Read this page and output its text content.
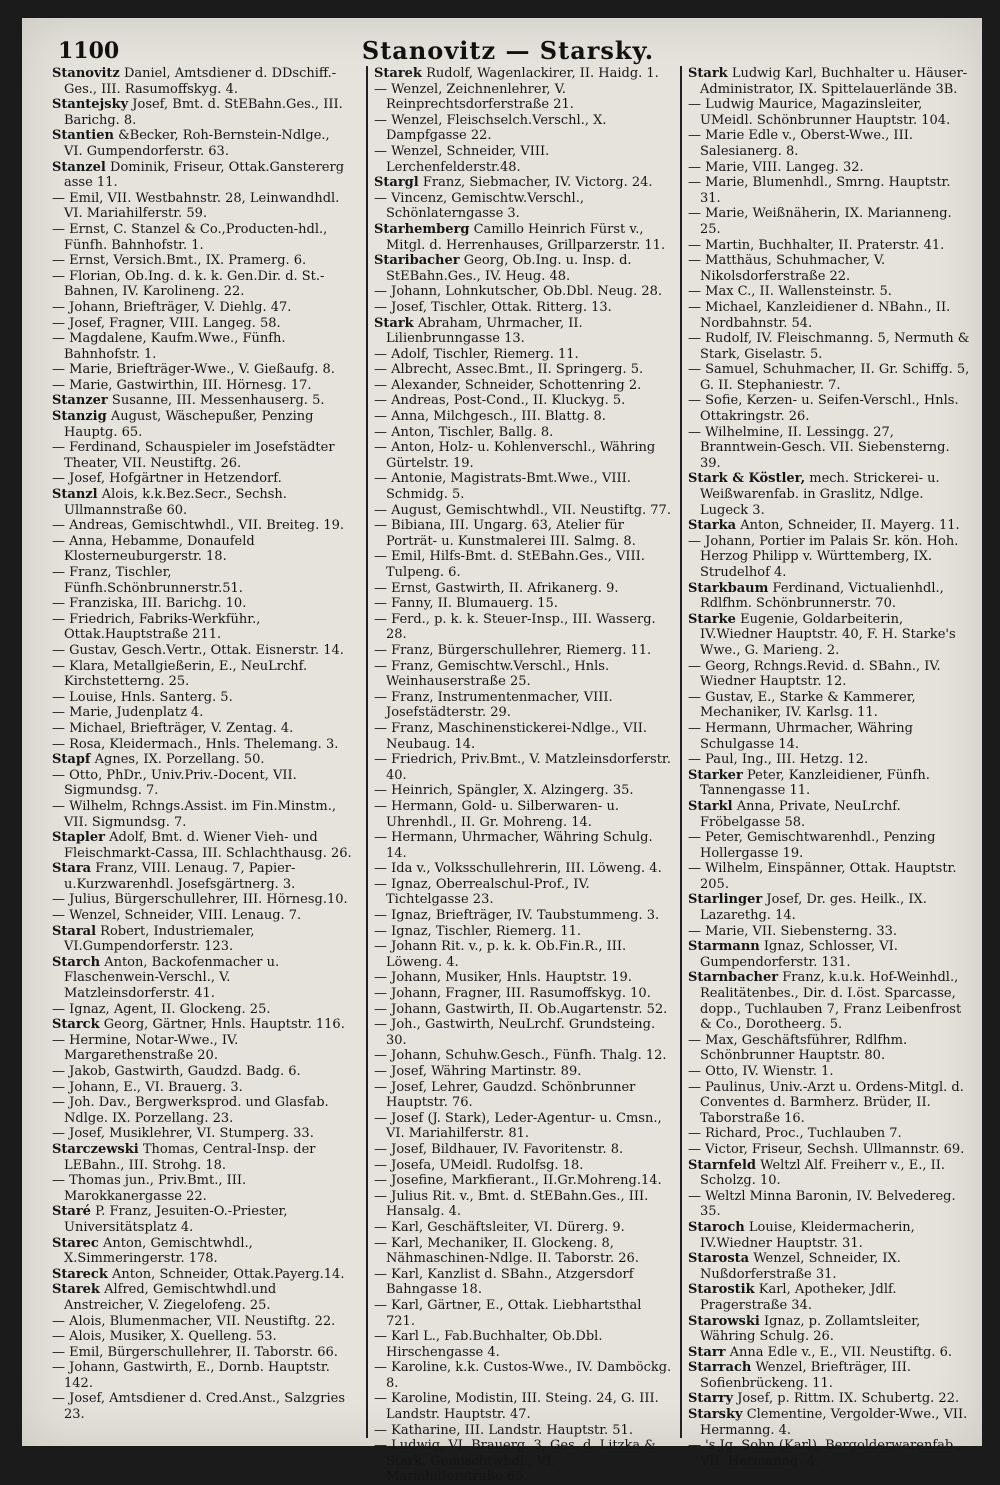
1100	Stanovitz — Starsky.
Stanovitz Daniel, Amtsdiener d. DDschiff.-Ges., III. Rasumoffskyg. 4.
Stantejsky Josef, Bmt. d. StEBahn.Ges., III. Barichg. 8.
Stantien &Becker, Roh-Bernstein-Ndlge., VI. Gumpendorferstr. 63.
Stanzel Dominik, Friseur, Ottak.Ganstererg asse 11.
— Emil, VII. Westbahnstr. 28, Leinwandhdl. VI. Mariahilferstr. 59.
— Ernst, C. Stanzel & Co.,Producten-hdl., Fünfh. Bahnhofstr. 1.
— Ernst, Versich.Bmt., IX. Pramerg. 6.
— Florian, Ob.Ing. d. k. k. Gen.Dir. d. St.-Bahnen, IV. Karolineng. 22.
— Johann, Briefträger, V. Diehlg. 47.
— Josef, Fragner, VIII. Langeg. 58.
— Magdalene, Kaufm.Wwe., Fünfh. Bahnhofstr. 1.
— Marie, Briefträger-Wwe., V. Gießaufg. 8.
— Marie, Gastwirthin, III. Hörnesg. 17.
Stanzer Susanne, III. Messenhauserg. 5.
Stanzig August, Wäschepußer, Penzing Hauptg. 65.
— Ferdinand, Schauspieler im Josefstädter Theater, VII. Neustiftg. 26.
— Josef, Hofgärtner in Hetzendorf.
Stanzl Alois, k.k.Bez.Secr., Sechsh. Ullmannstraße 60.
— Andreas, Gemischtwhdl., VII. Breiteg. 19.
— Anna, Hebamme, Donaufeld Klosterneuburgerstr. 18.
— Franz, Tischler, Fünfh.Schönbrunnerstr.51.
— Franziska, III. Barichg. 10.
— Friedrich, Fabriks-Werkführ., Ottak.Hauptstraße 211.
— Gustav, Gesch.Vertr., Ottak. Eisnerstr. 14.
— Klara, Metallgießerin, E., NeuLrchf. Kirchstetterng. 25.
— Louise, Hnls. Santerg. 5.
— Marie, Judenplatz 4.
— Michael, Briefträger, V. Zentag. 4.
— Rosa, Kleidermach., Hnls. Thelemang. 3.
Stapf Agnes, IX. Porzellang. 50.
— Otto, PhDr., Univ.Priv.-Docent, VII. Sigmundsg. 7.
— Wilhelm, Rchngs.Assist. im Fin.Minstm., VII. Sigmundsg. 7.
Stapler Adolf, Bmt. d. Wiener Vieh- und Fleischmarkt-Cassa, III. Schlachthausg. 26.
Stara Franz, VIII. Lenaug. 7, Papier-u.Kurzwarenhdl. Josefsgärtnerg. 3.
— Julius, Bürgerschullehrer, III. Hörnesg.10.
— Wenzel, Schneider, VIII. Lenaug. 7.
Staral Robert, Industriemaler, VI.Gumpendorferstr. 123.
Starch Anton, Backofenmacher u. Flaschenwein-Verschl., V. Matzleinsdorferstr. 41.
— Ignaz, Agent, II. Glockeng. 25.
Starck Georg, Gärtner, Hnls. Hauptstr. 116.
— Hermine, Notar-Wwe., IV. Margarethenstraße 20.
— Jakob, Gastwirth, Gaudzd. Badg. 6.
— Johann, E., VI. Brauerg. 3.
— Joh. Dav., Bergwerksprod. und Glasfab. Ndlge. IX. Porzellang. 23.
— Josef, Musiklehrer, VI. Stumperg. 33.
Starczewski Thomas, Central-Insp. der LEBahn., III. Strohg. 18.
— Thomas jun., Priv.Bmt., III. Marokkanergasse 22.
Staré P. Franz, Jesuiten-O.-Priester, Universitätsplatz 4.
Starec Anton, Gemischtwhdl., X.Simmeringerstr. 178.
Stareck Anton, Schneider, Ottak.Payerg.14.
Starek Alfred, Gemischtwhdl.und Anstreicher, V. Ziegelofeng. 25.
— Alois, Blumenmacher, VII. Neustiftg. 22.
— Alois, Musiker, X. Quelleng. 53.
— Emil, Bürgerschullehrer, II. Taborstr. 66.
— Johann, Gastwirth, E., Dornb. Hauptstr. 142.
— Josef, Amtsdiener d. Cred.Anst., Salzgries 23.
Starek Rudolf, Wagenlackirer, II. Haidg. 1.
— Wenzel, Zeichnenlehrer, V. Reinprechtsdorferstraße 21.
— Wenzel, Fleischselch.Verschl., X. Dampfgasse 22.
— Wenzel, Schneider, VIII. Lerchenfelderstr.48.
Stargl Franz, Siebmacher, IV. Victorg. 24.
— Vincenz, Gemischtw.Verschl., Schönlaterngasse 3.
Starhemberg Camillo Heinrich Fürst v., Mitgl. d. Herrenhauses, Grillparzerstr. 11.
Staribacher Georg, Ob.Ing. u. Insp. d. StEBahn.Ges., IV. Heug. 48.
— Johann, Lohnkutscher, Ob.Dbl. Neug. 28.
— Josef, Tischler, Ottak. Ritterg. 13.
Stark Abraham, Uhrmacher, II. Lilienbrunngasse 13.
— Adolf, Tischler, Riemerg. 11.
— Albrecht, Assec.Bmt., II. Springerg. 5.
— Alexander, Schneider, Schottenring 2.
— Andreas, Post-Cond., II. Kluckyg. 5.
— Anna, Milchgesch., III. Blattg. 8.
— Anton, Tischler, Ballg. 8.
— Anton, Holz- u. Kohlenverschl., Währing Gürtelstr. 19.
— Antonie, Magistrats-Bmt.Wwe., VIII. Schmidg. 5.
— August, Gemischtwhdl., VII. Neustiftg. 77.
— Bibiana, III. Ungarg. 63, Atelier für Porträt- u. Kunstmalerei III. Salmg. 8.
— Emil, Hilfs-Bmt. d. StEBahn.Ges., VIII. Tulpeng. 6.
— Ernst, Gastwirth, II. Afrikanerg. 9.
— Fanny, II. Blumauerg. 15.
— Ferd., p. k. k. Steuer-Insp., III. Wasserg. 28.
— Franz, Bürgerschullehrer, Riemerg. 11.
— Franz, Gemischtw.Verschl., Hnls. Weinhauserstraße 25.
— Franz, Instrumentenmacher, VIII. Josefstädterstr. 29.
— Franz, Maschinenstickerei-Ndlge., VII. Neubaug. 14.
— Friedrich, Priv.Bmt., V. Matzleinsdorferstr. 40.
— Heinrich, Spängler, X. Alzingerg. 35.
— Hermann, Gold- u. Silberwaren- u. Uhrenhdl., II. Gr. Mohreng. 14.
— Hermann, Uhrmacher, Währing Schulg. 14.
— Ida v., Volksschullehrerin, III. Löweng. 4.
— Ignaz, Oberrealschul-Prof., IV. Tichtelgasse 23.
— Ignaz, Briefträger, IV. Taubstummeng. 3.
— Ignaz, Tischler, Riemerg. 11.
— Johann Rit. v., p. k. k. Ob.Fin.R., III. Löweng. 4.
— Johann, Musiker, Hnls. Hauptstr. 19.
— Johann, Fragner, III. Rasumoffskyg. 10.
— Johann, Gastwirth, II. Ob.Augartenstr. 52.
— Joh., Gastwirth, NeuLrchf. Grundsteing. 30.
— Johann, Schuhw.Gesch., Fünfh. Thalg. 12.
— Josef, Währing Martinstr. 89.
— Josef, Lehrer, Gaudzd. Schönbrunner Hauptstr. 76.
— Josef (J. Stark), Leder-Agentur- u. Cmsn., VI. Mariahilferstr. 81.
— Josef, Bildhauer, IV. Favoritenstr. 8.
— Josefa, UMeidl. Rudolfsg. 18.
— Josefine, Markfierant., II.Gr.Mohreng.14.
— Julius Rit. v., Bmt. d. StEBahn.Ges., III. Hansalg. 4.
— Karl, Geschäftsleiter, VI. Dürerg. 9.
— Karl, Mechaniker, II. Glockeng. 8, Nähmaschinen-Ndlge. II. Taborstr. 26.
— Karl, Kanzlist d. SBahn., Atzgersdorf Bahngasse 18.
— Karl, Gärtner, E., Ottak. Liebhartsthal 721.
— Karl L., Fab.Buchhalter, Ob.Dbl. Hirschengasse 4.
— Karoline, k.k. Custos-Wwe., IV. Damböckg. 8.
— Karoline, Modistin, III. Steing. 24, G. III. Landstr. Hauptstr. 47.
— Katharine, III. Landstr. Hauptstr. 51.
— Ludwig, VI. Brauerg. 3, Ges. d. Litzka & Stark, Gemischtwhdl., VI. Mariahilferstraße 65.
Stark Ludwig Karl, Buchhalter u. Häuser-Administrator, IX. Spittelauerlände 3B.
— Ludwig Maurice, Magazinsleiter, UMeidl. Schönbrunner Hauptstr. 104.
— Marie Edle v., Oberst-Wwe., III. Salesianerg. 8.
— Marie, VIII. Langeg. 32.
— Marie, Blumenhdl., Smrng. Hauptstr. 31.
— Marie, Weißnäherin, IX. Marianneng. 25.
— Martin, Buchhalter, II. Praterstr. 41.
— Matthäus, Schuhmacher, V. Nikolsdorferstraße 22.
— Max C., II. Wallensteinstr. 5.
— Michael, Kanzleidiener d. NBahn., II. Nordbahnstr. 54.
— Rudolf, IV. Fleischmanng. 5, Nermuth & Stark, Giselastr. 5.
— Samuel, Schuhmacher, II. Gr. Schiffg. 5, G. II. Stephaniestr. 7.
— Sofie, Kerzen- u. Seifen-Verschl., Hnls. Ottakringstr. 26.
— Wilhelmine, II. Lessingg. 27, Branntwein-Gesch. VII. Siebensterng. 39.
Stark & Köstler, mech. Strickerei- u. Weißwarenfab. in Graslitz, Ndlge. Lugeck 3.
Starka Anton, Schneider, II. Mayerg. 11.
— Johann, Portier im Palais Sr. kön. Hoh. Herzog Philipp v. Württemberg, IX. Strudelhof 4.
Starkbaum Ferdinand, Victualienhdl., Rdlfhm. Schönbrunnerstr. 70.
Starke Eugenie, Goldarbeiterin, IV.Wiedner Hauptstr. 40, F. H. Starke's Wwe., G. Marieng. 2.
— Georg, Rchngs.Revid. d. SBahn., IV. Wiedner Hauptstr. 12.
— Gustav, E., Starke & Kammerer, Mechaniker, IV. Karlsg. 11.
— Hermann, Uhrmacher, Währing Schulgasse 14.
— Paul, Ing., III. Hetzg. 12.
Starker Peter, Kanzleidiener, Fünfh. Tannengasse 11.
Starkl Anna, Private, NeuLrchf. Fröbelgasse 58.
— Peter, Gemischtwarenhdl., Penzing Hollergasse 19.
— Wilhelm, Einspänner, Ottak. Hauptstr. 205.
Starlinger Josef, Dr. ges. Heilk., IX. Lazarethg. 14.
— Marie, VII. Siebensterng. 33.
Starmann Ignaz, Schlosser, VI. Gumpendorferstr. 131.
Starnbacher Franz, k.u.k. Hof-Weinhdl., Realitätenbes., Dir. d. I.öst. Sparcasse, dopp., Tuchlauben 7, Franz Leibenfrost & Co., Dorotheerg. 5.
— Max, Geschäftsführer, Rdlfhm. Schönbrunner Hauptstr. 80.
— Otto, IV. Wienstr. 1.
— Paulinus, Univ.-Arzt u. Ordens-Mitgl. d. Conventes d. Barmherz. Brüder, II. Taborstraße 16.
— Richard, Proc., Tuchlauben 7.
— Victor, Friseur, Sechsh. Ullmannstr. 69.
Starnfeld Weltzl Alf. Freiherr v., E., II. Scholzg. 10.
— Weltzl Minna Baronin, IV. Belvedereg. 35.
Staroch Louise, Kleidermacherin, IV.Wiedner Hauptstr. 31.
Starosta Wenzel, Schneider, IX. Nußdorferstraße 31.
Starostik Karl, Apotheker, Jdlf. Pragerstraße 34.
Starowski Ignaz, p. Zollamtsleiter, Währing Schulg. 26.
Starr Anna Edle v., E., VII. Neustiftg. 6.
Starrach Wenzel, Briefträger, III. Sofienbrückeng. 11.
Starry Josef, p. Rittm. IX. Schubertg. 22.
Starsky Clementine, Vergolder-Wwe., VII. Hermanng. 4.
— 's Jg. Sohn (Karl), Bergolderwarenfab., VII. Hermanng. 4.
